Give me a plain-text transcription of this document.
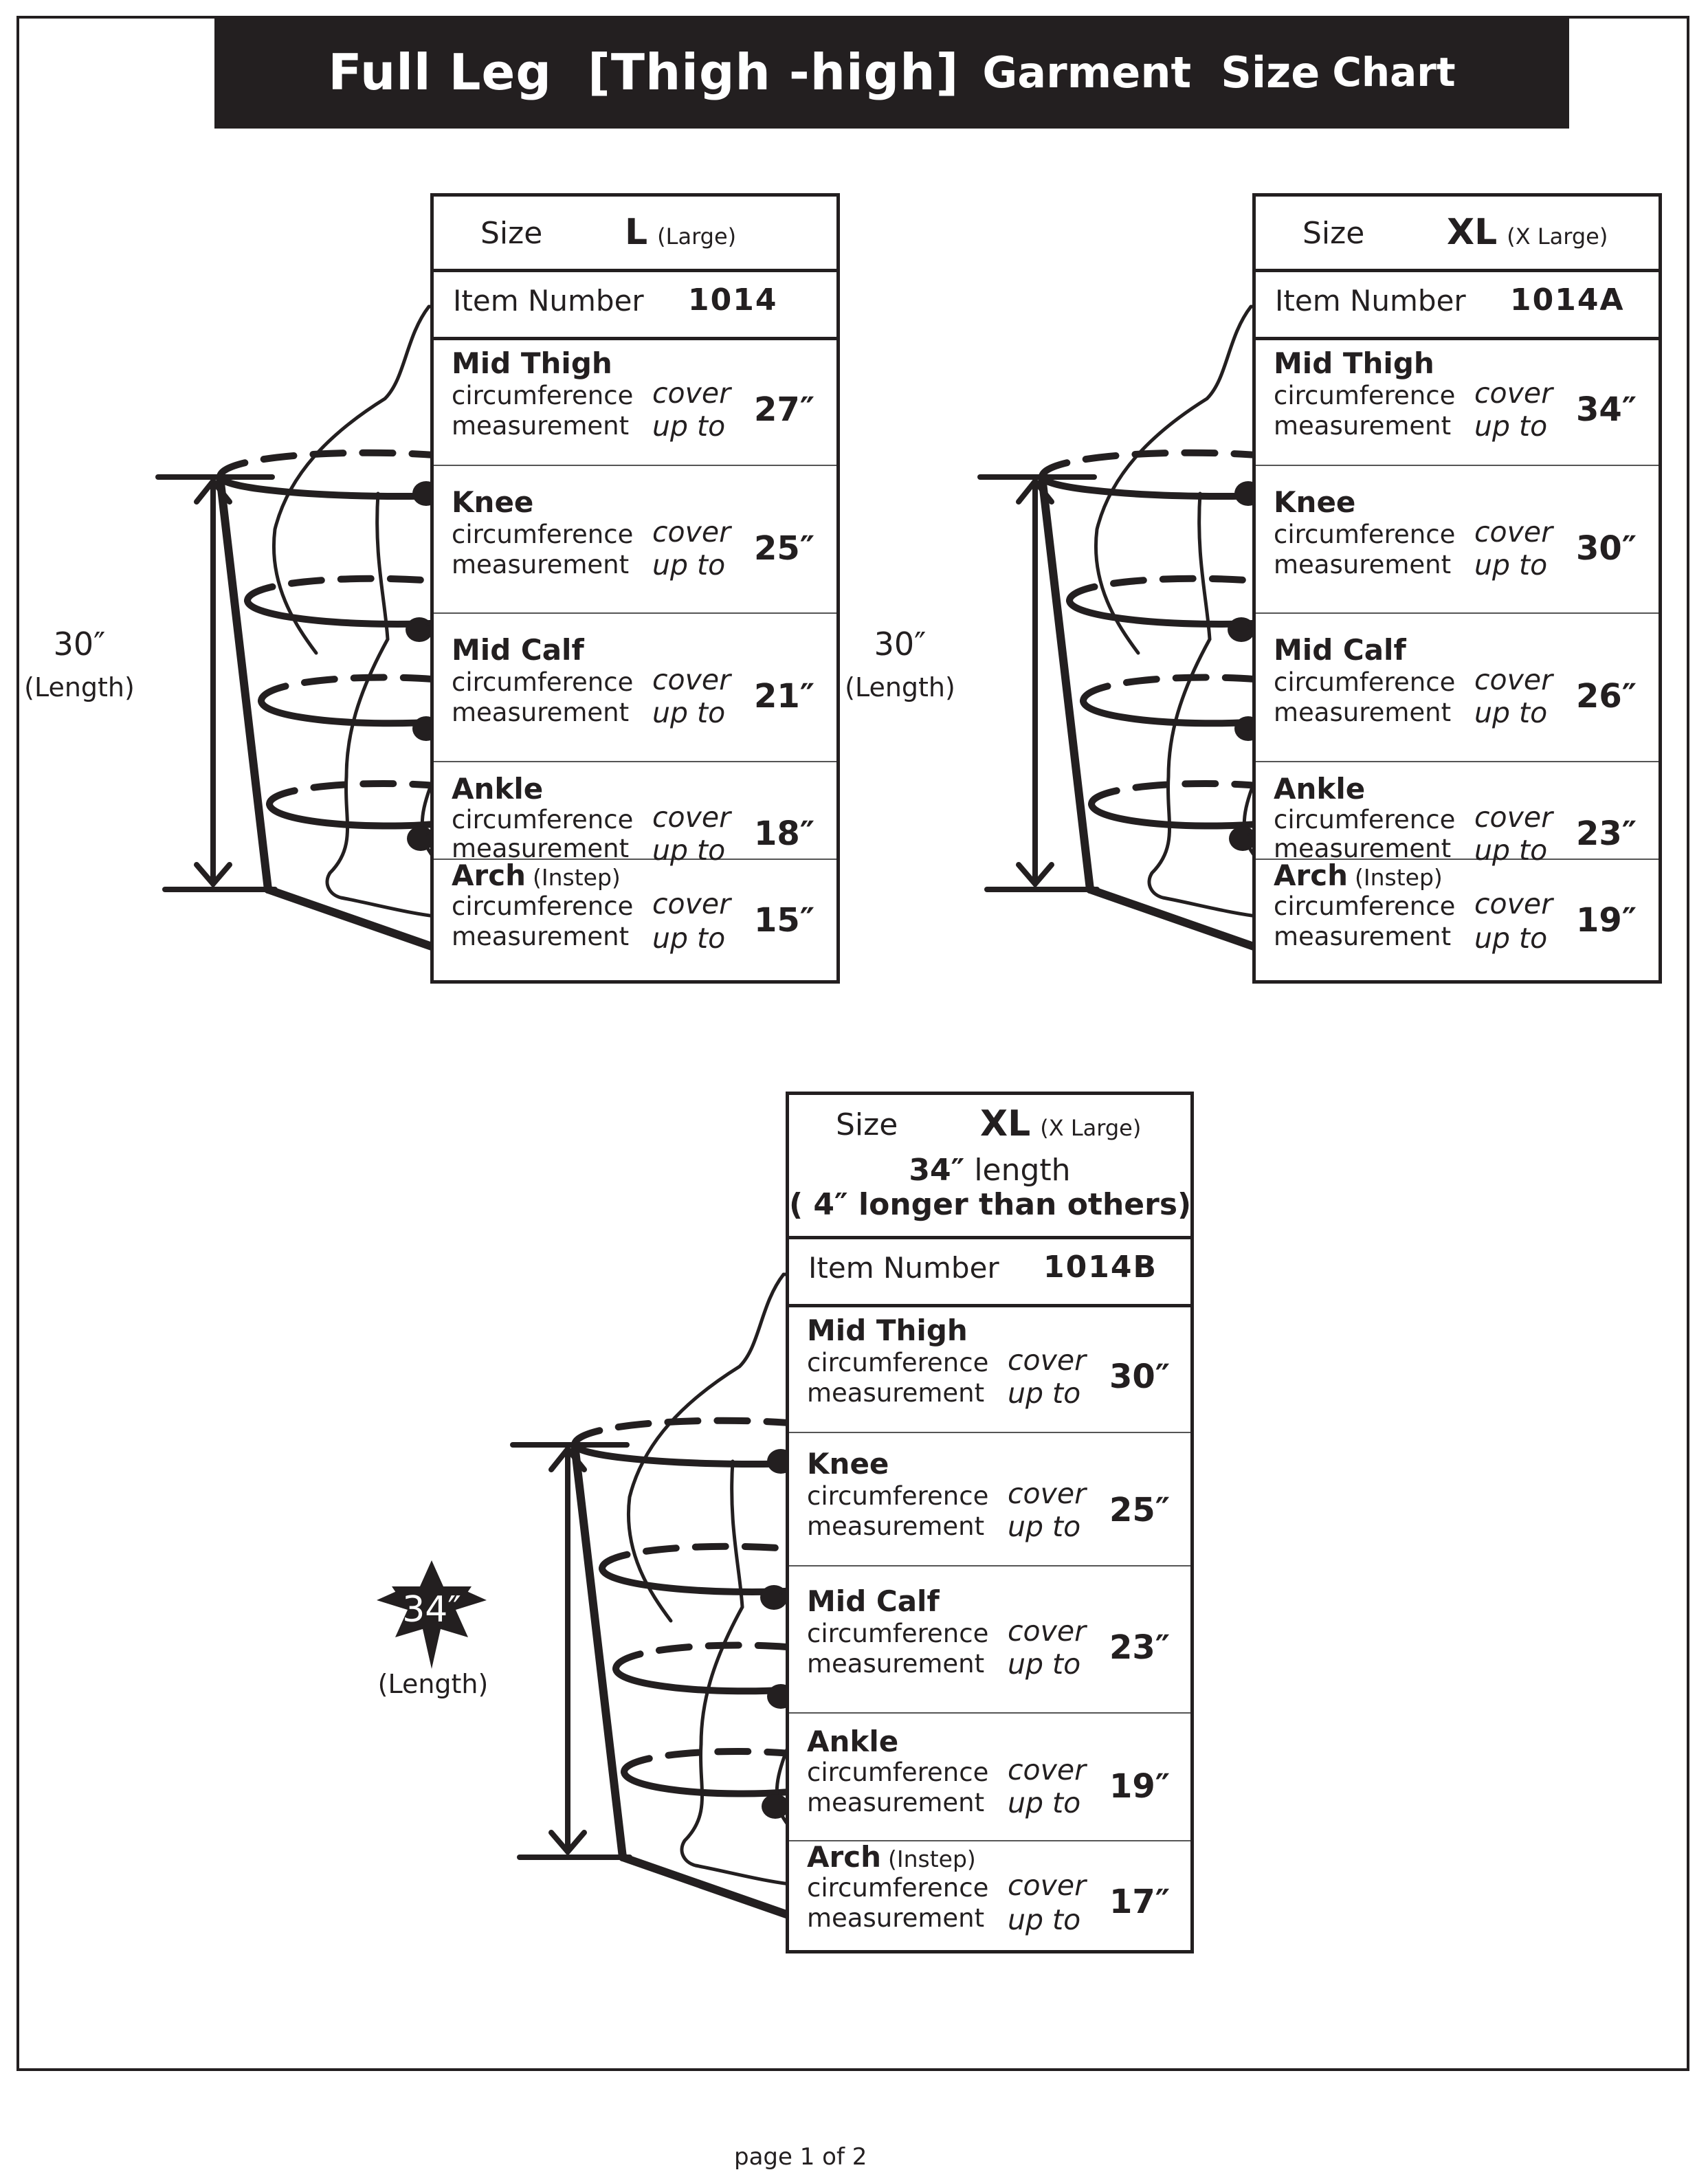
Full Leg  [Thigh -high] Garment  Size Chart
30″
(Length)
30″
(Length)
34″
(Length)
Size L (Large)
Item Number 1014
Mid Thigh
circumference
measurement
cover
up to 27″
Knee
circumference
measurement
cover
up to 25″
Mid Calf
circumference
measurement
cover
up to 21″
Ankle
circumference
measurement
cover
up to 18″
Arch (Instep)
circumference
measurement
cover
up to 15″
Size XL (X Large)
Item Number 1014A
Mid Thigh
circumference
measurement
cover
up to 34″
Knee
circumference
measurement
cover
up to 30″
Mid Calf
circumference
measurement
cover
up to 26″
Ankle
circumference
measurement
cover
up to 23″
Arch (Instep)
circumference
measurement
cover
up to 19″
Size XL (X Large)
34″ length
( 4″ longer than others)
Item Number 1014B
Mid Thigh
circumference
measurement
cover
up to 30″
Knee
circumference
measurement
cover
up to 25″
Mid Calf
circumference
measurement
cover
up to 23″
Ankle
circumference
measurement
cover
up to 19″
Arch (Instep)
circumference
measurement
cover
up to 17″
page 1 of 2
